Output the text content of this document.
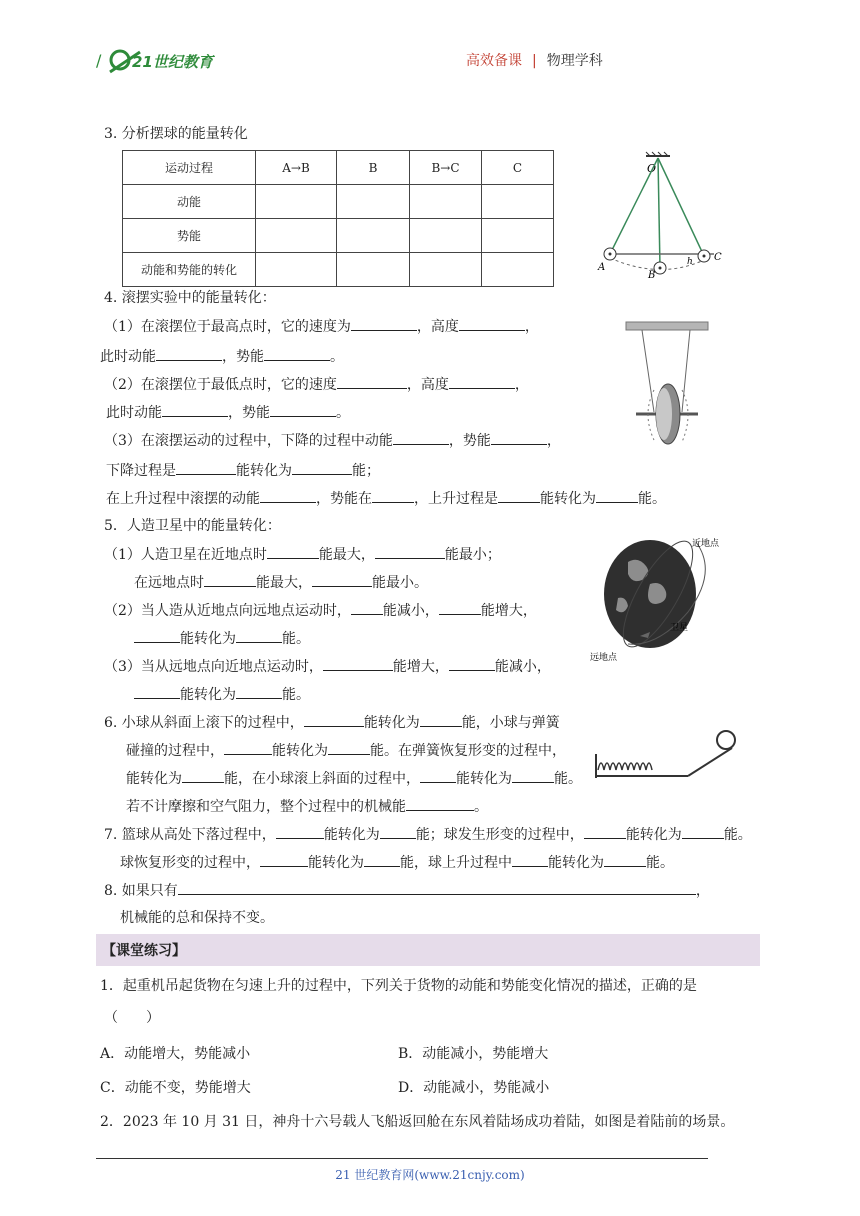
/ 21世纪教育	高效备课 | 物理学科
3. 分析摆球的能量转化
运动过程	A→B	B	B→C	C
动能				
势能				
动能和势能的转化				
O
A
B
C
h
4. 滚摆实验中的能量转化：
（1）在滚摆位于最高点时，它的速度为	，高度	，
此时动能	，势能	。
（2）在滚摆位于最低点时，它的速度	，高度	，
此时动能	，势能	。
（3）在滚摆运动的过程中，下降的过程中动能	，势能	，
下降过程是	能转化为	能；
在上升过程中滚摆的动能	，势能在	，上升过程是	能转化为	能。
5．人造卫星中的能量转化：
（1）人造卫星在近地点时	能最大，	能最小；
在远地点时	能最大，	能最小。
（2）当人造从近地点向远地点运动时， 能减小，	能增大，
能转化为	能。
（3）当从远地点向近地点运动时，	能增大，	能减小，
能转化为	能。
近地点
卫星
远地点
6. 小球从斜面上滚下的过程中，	能转化为	能，小球与弹簧
碰撞的过程中，	能转化为	能。在弹簧恢复形变的过程中，
能转化为	能，在小球滚上斜面的过程中，	能转化为	能。
若不计摩擦和空气阻力，整个过程中的机械能	。
7. 篮球从高处下落过程中，	能转化为	能；球发生形变的过程中，	能转化为	能。
球恢复形变的过程中，	能转化为	能，球上升过程中	能转化为	能。
8. 如果只有	，
机械能的总和保持不变。
【课堂练习】
1．起重机吊起货物在匀速上升的过程中，下列关于货物的动能和势能变化情况的描述，正确的是
（　　）
A．动能增大，势能减小	B．动能减小，势能增大
C．动能不变，势能增大	D．动能减小，势能减小
2．2023 年 10 月 31 日，神舟十六号载人飞船返回舱在东风着陆场成功着陆，如图是着陆前的场景。
21 世纪教育网(www.21cnjy.com)
